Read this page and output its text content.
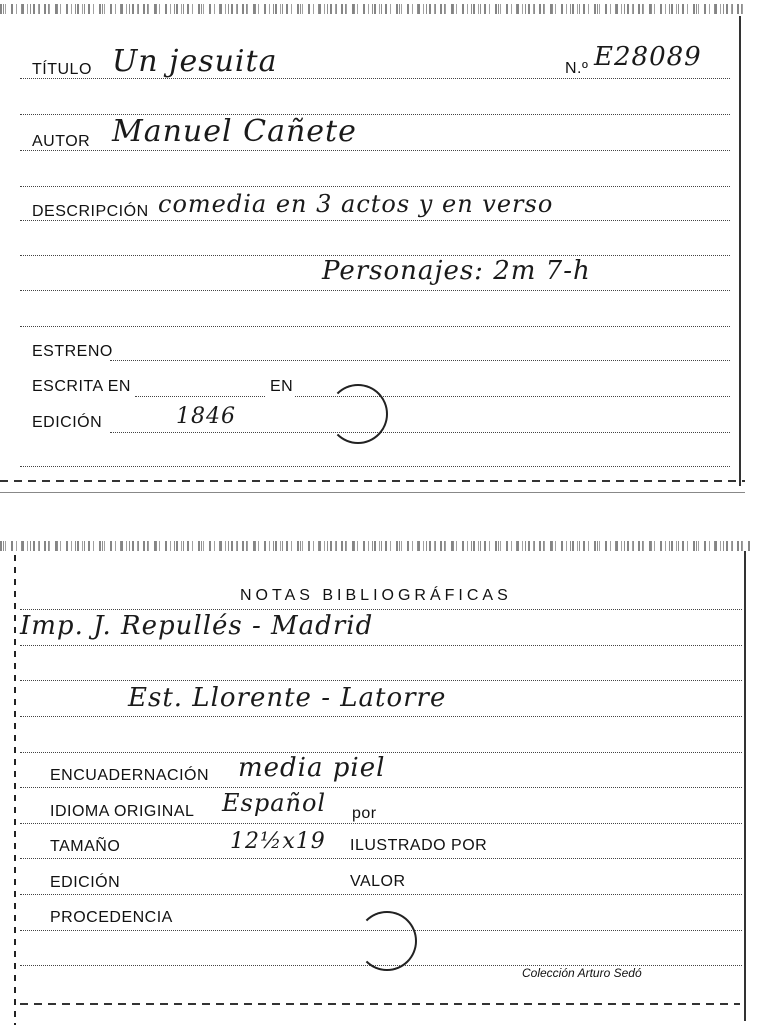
TÍTULO Un jesuita	N.º E28089
AUTOR Manuel Cañete
DESCRIPCIÓN comedia en 3 actos y en verso
Personajes: 2m 7-h
ESTRENO
ESCRITA EN	EN
EDICIÓN	1846
NOTAS BIBLIOGRÁFICAS
Imp. J. Repullés - Madrid
Est. Llorente - Latorre
ENCUADERNACIÓN media piel
IDIOMA ORIGINAL Español por
TAMAÑO	12½x19 ILUSTRADO POR
EDICIÓN	VALOR
PROCEDENCIA
Colección Arturo Sedó
